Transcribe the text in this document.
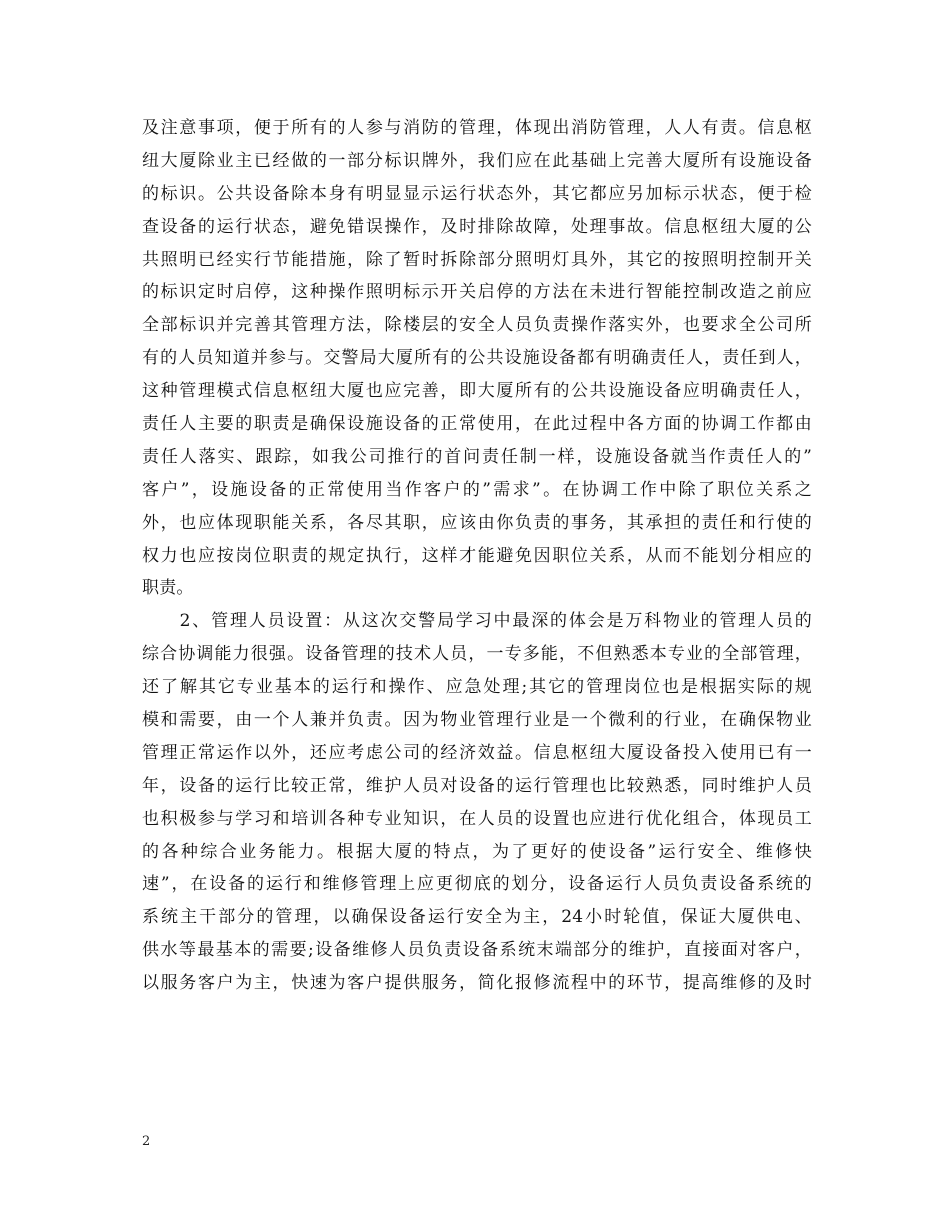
及注意事项，便于所有的人参与消防的管理，体现出消防管理，人人有责。信息枢
纽大厦除业主已经做的一部分标识牌外，我们应在此基础上完善大厦所有设施设备
的标识。公共设备除本身有明显显示运行状态外，其它都应另加标示状态，便于检
查设备的运行状态，避免错误操作，及时排除故障，处理事故。信息枢纽大厦的公
共照明已经实行节能措施，除了暂时拆除部分照明灯具外，其它的按照明控制开关
的标识定时启停，这种操作照明标示开关启停的方法在未进行智能控制改造之前应
全部标识并完善其管理方法，除楼层的安全人员负责操作落实外，也要求全公司所
有的人员知道并参与。交警局大厦所有的公共设施设备都有明确责任人，责任到人，
这种管理模式信息枢纽大厦也应完善，即大厦所有的公共设施设备应明确责任人，
责任人主要的职责是确保设施设备的正常使用，在此过程中各方面的协调工作都由
责任人落实、跟踪，如我公司推行的首问责任制一样，设施设备就当作责任人的”
客户”，设施设备的正常使用当作客户的”需求”。在协调工作中除了职位关系之
外，也应体现职能关系，各尽其职，应该由你负责的事务，其承担的责任和行使的
权力也应按岗位职责的规定执行，这样才能避免因职位关系，从而不能划分相应的
职责。
　　2、管理人员设置：从这次交警局学习中最深的体会是万科物业的管理人员的
综合协调能力很强。设备管理的技术人员，一专多能，不但熟悉本专业的全部管理，
还了解其它专业基本的运行和操作、应急处理;其它的管理岗位也是根据实际的规
模和需要，由一个人兼并负责。因为物业管理行业是一个微利的行业，在确保物业
管理正常运作以外，还应考虑公司的经济效益。信息枢纽大厦设备投入使用已有一
年，设备的运行比较正常，维护人员对设备的运行管理也比较熟悉，同时维护人员
也积极参与学习和培训各种专业知识，在人员的设置也应进行优化组合，体现员工
的各种综合业务能力。根据大厦的特点，为了更好的使设备”运行安全、维修快
速”，在设备的运行和维修管理上应更彻底的划分，设备运行人员负责设备系统的
系统主干部分的管理，以确保设备运行安全为主，24小时轮值，保证大厦供电、
供水等最基本的需要;设备维修人员负责设备系统末端部分的维护，直接面对客户，
以服务客户为主，快速为客户提供服务，简化报修流程中的环节，提高维修的及时
2
